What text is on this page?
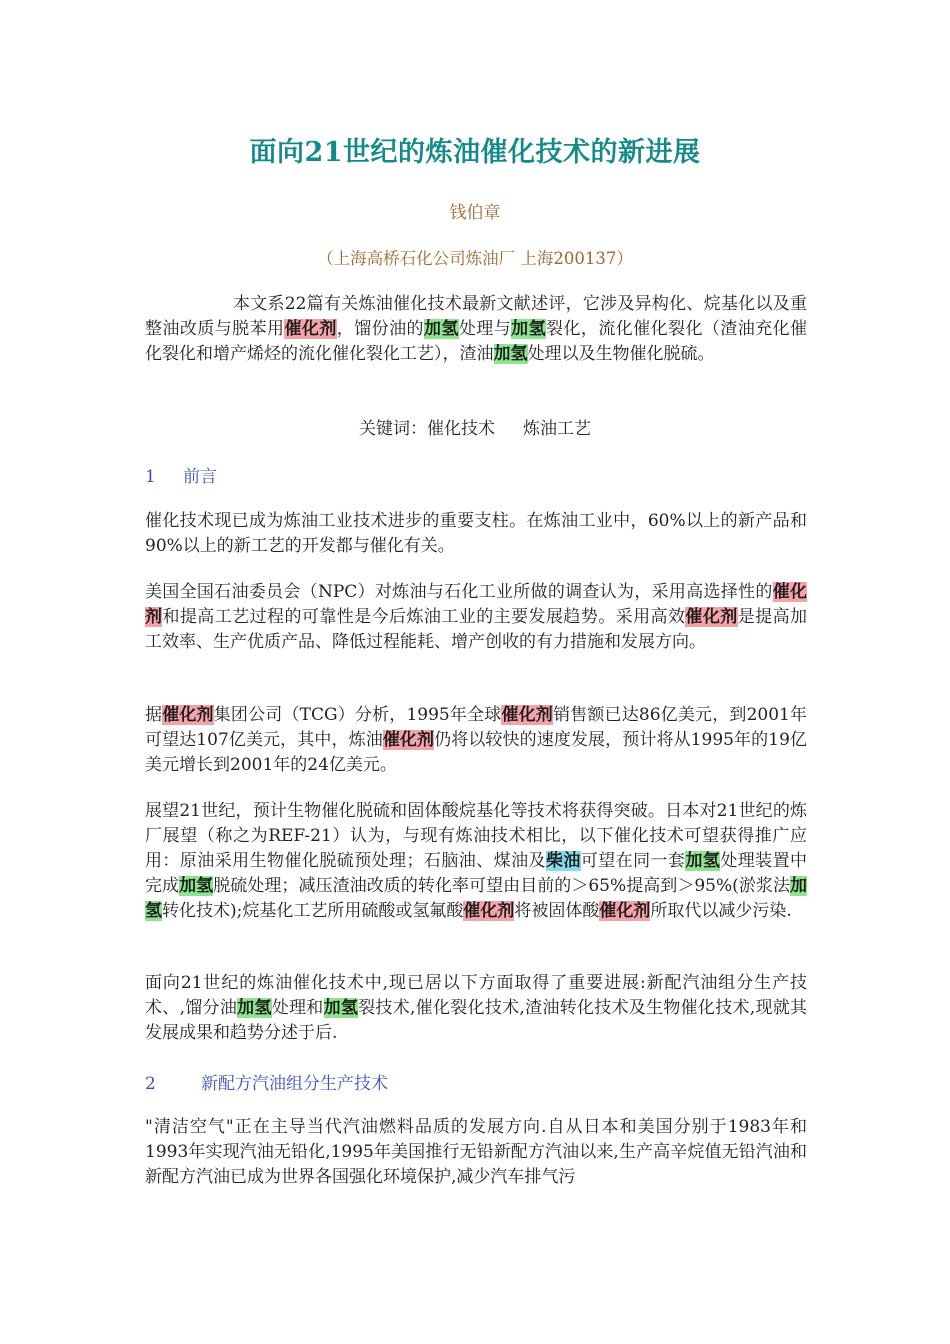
面向21世纪的炼油催化技术的新进展
钱伯章
（上海高桥石化公司炼油厂 上海200137）

本文系22篇有关炼油催化技术最新文献述评，它涉及异构化、烷基化以及重整油改质与脱苯用催化剂，馏份油的加氢处理与加氢裂化，流化催化裂化（渣油充化催化裂化和增产烯烃的流化催化裂化工艺），渣油加氢处理以及生物催化脱硫。

关键词：催化技术 炼油工艺
1 前言

催化技术现已成为炼油工业技术进步的重要支柱。在炼油工业中，60%以上的新产品和90%以上的新工艺的开发都与催化有关。

美国全国石油委员会（NPC）对炼油与石化工业所做的调查认为，采用高选择性的催化剂和提高工艺过程的可靠性是今后炼油工业的主要发展趋势。采用高效催化剂是提高加工效率、生产优质产品、降低过程能耗、增产创收的有力措施和发展方向。

据催化剂集团公司（TCG）分析，1995年全球催化剂销售额已达86亿美元，到2001年可望达107亿美元，其中，炼油催化剂仍将以较快的速度发展，预计将从1995年的19亿美元增长到2001年的24亿美元。

展望21世纪，预计生物催化脱硫和固体酸烷基化等技术将获得突破。日本对21世纪的炼厂展望（称之为REF-21）认为，与现有炼油技术相比，以下催化技术可望获得推广应用：原油采用生物催化脱硫预处理；石脑油、煤油及柴油可望在同一套加氢处理装置中完成加氢脱硫处理；减压渣油改质的转化率可望由目前的＞65%提高到＞95%(淤浆法加氢转化技术);烷基化工艺所用硫酸或氢氟酸催化剂将被固体酸催化剂所取代以减少污染.

面向21世纪的炼油催化技术中,现已居以下方面取得了重要进展:新配汽油组分生产技术、,馏分油加氢处理和加氢裂技术,催化裂化技术,渣油转化技术及生物催化技术,现就其发展成果和趋势分述于后.

2	新配方汽油组分生产技术

"清洁空气"正在主导当代汽油燃料品质的发展方向.自从日本和美国分别于1983年和1993年实现汽油无铅化,1995年美国推行无铅新配方汽油以来,生产高辛烷值无铅汽油和新配方汽油已成为世界各国强化环境保护,减少汽车排气污
